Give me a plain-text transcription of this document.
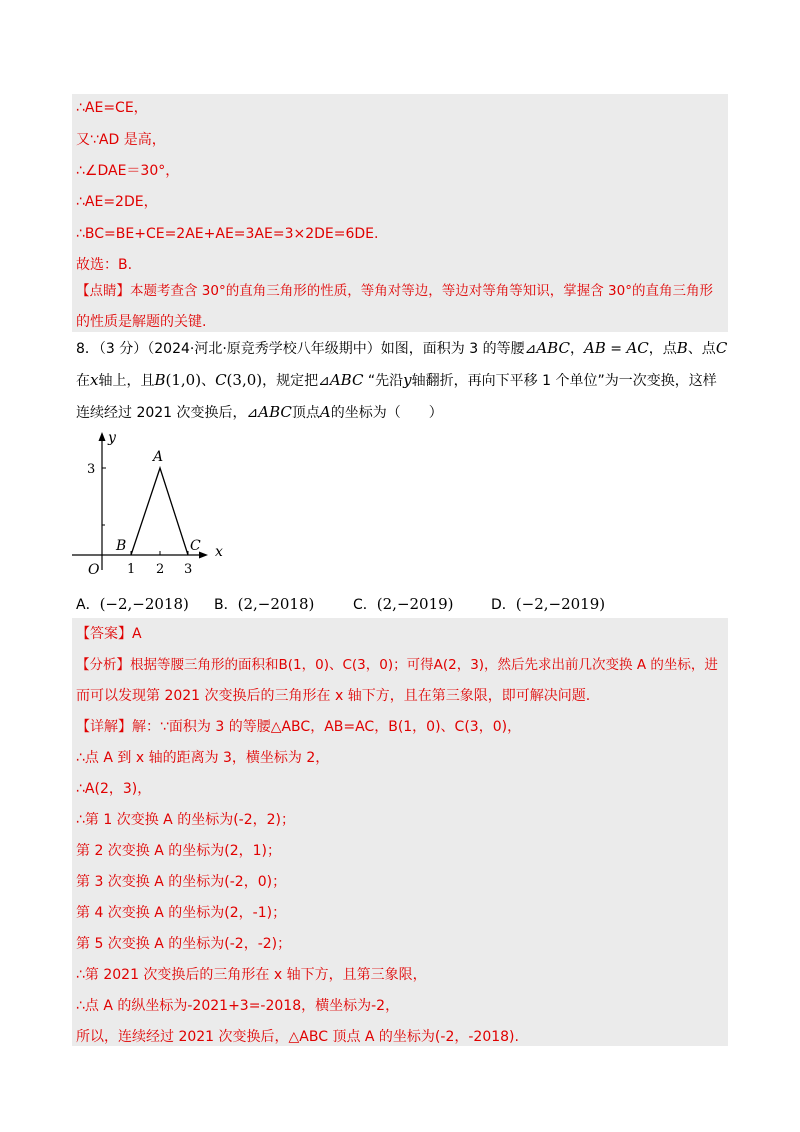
∴AE=CE，
又∵AD 是高，
∴∠DAE＝30°，
∴AE=2DE，
∴BC=BE+CE=2AE+AE=3AE=3×2DE=6DE.
故选：B.
【点睛】本题考查含 30°的直角三角形的性质，等角对等边，等边对等角等知识，掌握含 30°的直角三角形
的性质是解题的关键.
8．（3 分）（2024·河北·原竞秀学校八年级期中）如图，面积为 3 的等腰⊿ABC，AB = AC，点B、点C
在x轴上，且B(1,0)、C(3,0)，规定把⊿ABC “先沿y轴翻折，再向下平移 1 个单位”为一次变换，这样
连续经过 2021 次变换后，⊿ABC顶点A的坐标为（　　）
y
x
O
3
1 2 3
A
B	C
A．(−2,−2018) B．(2,−2018)	C．(2,−2019)	D．(−2,−2019)
【答案】A
【分析】根据等腰三角形的面积和B(1，0)、C(3，0)；可得A(2，3)，然后先求出前几次变换 A 的坐标，进
而可以发现第 2021 次变换后的三角形在 x 轴下方，且在第三象限，即可解决问题.
【详解】解：∵面积为 3 的等腰△ABC，AB=AC，B(1，0)、C(3，0)，
∴点 A 到 x 轴的距离为 3，横坐标为 2，
∴A(2，3)，
∴第 1 次变换 A 的坐标为(-2，2)；
第 2 次变换 A 的坐标为(2，1)；
第 3 次变换 A 的坐标为(-2，0)；
第 4 次变换 A 的坐标为(2，-1)；
第 5 次变换 A 的坐标为(-2，-2)；
∴第 2021 次变换后的三角形在 x 轴下方，且第三象限，
∴点 A 的纵坐标为-2021+3=-2018，横坐标为-2，
所以，连续经过 2021 次变换后，△ABC 顶点 A 的坐标为(-2，-2018).
